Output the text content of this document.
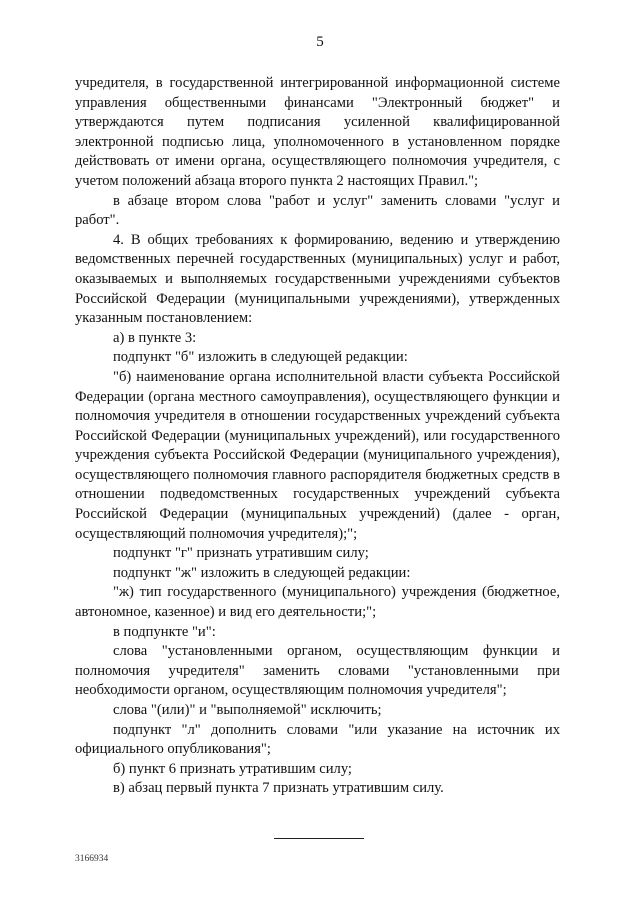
5

учредителя, в государственной интегрированной информационной системе управления общественными финансами "Электронный бюджет" и утверждаются путем подписания усиленной квалифицированной электронной подписью лица, уполномоченного в установленном порядке действовать от имени органа, осуществляющего полномочия учредителя, с учетом положений абзаца второго пункта 2 настоящих Правил.";

в абзаце втором слова "работ и услуг" заменить словами "услуг и работ".

4. В общих требованиях к формированию, ведению и утверждению ведомственных перечней государственных (муниципальных) услуг и работ, оказываемых и выполняемых государственными учреждениями субъектов Российской Федерации (муниципальными учреждениями), утвержденных указанным постановлением:

а) в пункте 3:

подпункт "б" изложить в следующей редакции:

"б) наименование органа исполнительной власти субъекта Российской Федерации (органа местного самоуправления), осуществляющего функции и полномочия учредителя в отношении государственных учреждений субъекта Российской Федерации (муниципальных учреждений), или государственного учреждения субъекта Российской Федерации (муниципального учреждения), осуществляющего полномочия главного распорядителя бюджетных средств в отношении подведомственных государственных учреждений субъекта Российской Федерации (муниципальных учреждений) (далее - орган, осуществляющий полномочия учредителя);";

подпункт "г" признать утратившим силу;

подпункт "ж" изложить в следующей редакции:

"ж) тип государственного (муниципального) учреждения (бюджетное, автономное, казенное) и вид его деятельности;";

в подпункте "и":

слова "установленными органом, осуществляющим функции и полномочия учредителя" заменить словами "установленными при необходимости органом, осуществляющим полномочия учредителя";

слова "(или)" и "выполняемой" исключить;

подпункт "л" дополнить словами "или указание на источник их официального опубликования";

б) пункт 6 признать утратившим силу;

в) абзац первый пункта 7 признать утратившим силу.

3166934
